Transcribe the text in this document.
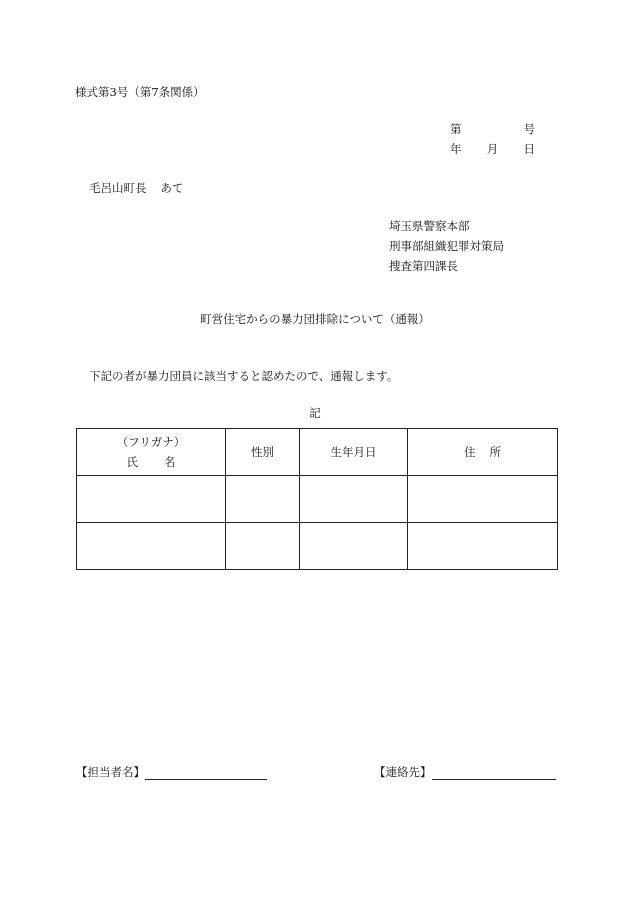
様式第3号（第7条関係）
第	号
年 月 日
毛呂山町長 あて
埼玉県警察本部
刑事部組織犯罪対策局
捜査第四課長
町営住宅からの暴力団排除について（通報）
下記の者が暴力団員に該当すると認めたので、通報します。
記
（フリガナ）
氏 名	性別	生年月日	住 所

【担当者名】	【連絡先】
